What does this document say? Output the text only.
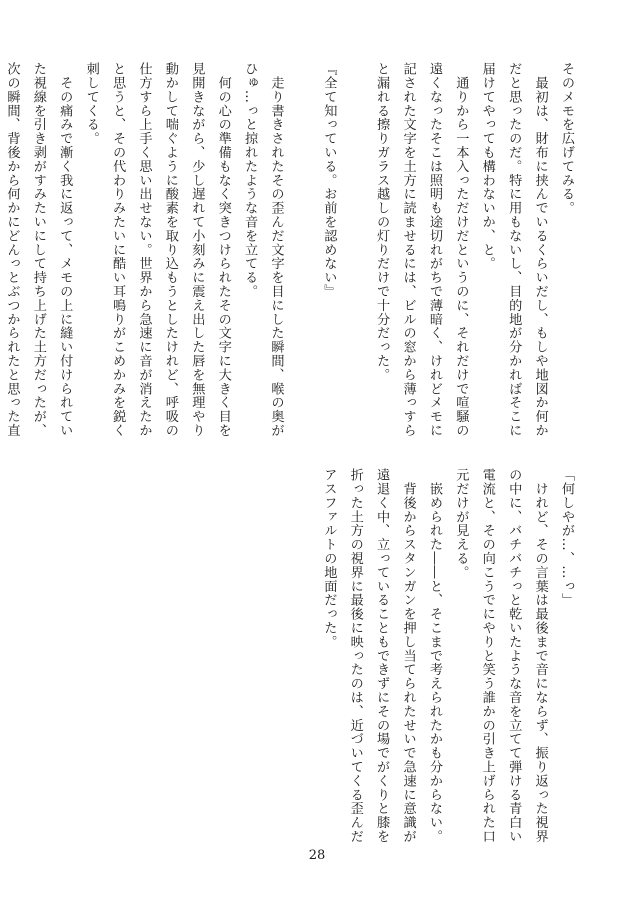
そのメモを広げてみる。
　最初は、財布に挟んでいるくらいだし、もしや地図か何か
だと思ったのだ。特に用もないし、目的地が分かればそこに
届けてやっても構わないか、と。
　通りから一本入っただけだというのに、それだけで喧騒の
遠くなったそこは照明も途切れがちで薄暗く、けれどメモに
記された文字を土方に読ませるには、ビルの窓から薄っすら
と漏れる擦りガラス越しの灯りだけで十分だった。

『全て知っている。お前を認めない』

　走り書きされたその歪んだ文字を目にした瞬間、喉の奥が
ひゅ…っと掠れたような音を立てる。
　何の心の準備もなく突きつけられたその文字に大きく目を
見開きながら、少し遅れて小刻みに震え出した唇を無理やり
動かして喘ぐように酸素を取り込もうとしたけれど、呼吸の
仕方すら上手く思い出せない。世界から急速に音が消えたか
と思うと、その代わりみたいに酷い耳鳴りがこめかみを鋭く
刺してくる。
　その痛みで漸く我に返って、メモの上に縫い付けられてい
た視線を引き剥がすみたいにして持ち上げた土方だったが、
次の瞬間、背後から何かにどんっとぶつかられたと思った直
「何しやが…、…っ」
　けれど、その言葉は最後まで音にならず、振り返った視界
の中に、バチバチっと乾いたような音を立てて弾ける青白い
電流と、その向こうでにやりと笑う誰かの引き上げられた口
元だけが見える。
　嵌められた――と、そこまで考えられたかも分からない。
　背後からスタンガンを押し当てられたせいで急速に意識が
遠退く中、立っていることもできずにその場でがくりと膝を
折った土方の視界に最後に映ったのは、近づいてくる歪んだ
アスファルトの地面だった。
28
